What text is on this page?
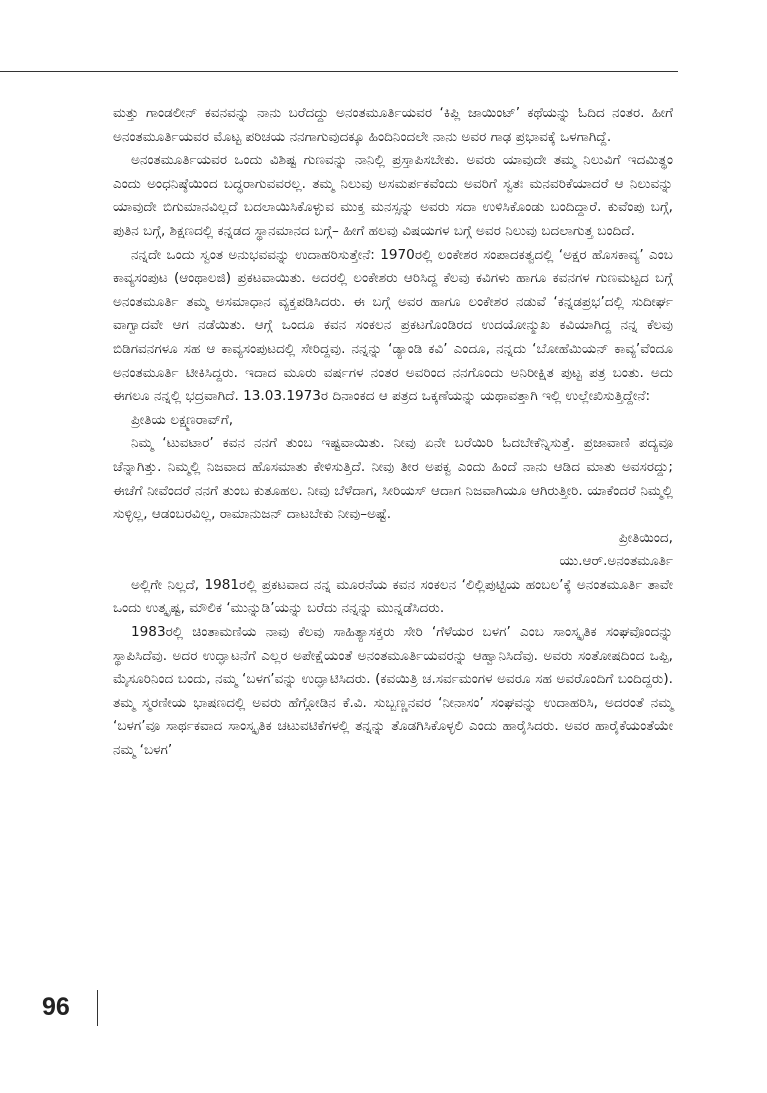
ಮತ್ತು ಗಾಂಡಲೀನ್ ಕವನವನ್ನು ನಾನು ಬರೆದದ್ದು ಅನಂತಮೂರ್ತಿಯವರ ‘ಕಿಪ್ಲಿ ಜಾಯಿಂಟ್’ ಕಥೆಯನ್ನು ಓದಿದ ನಂತರ. ಹೀಗೆ ಅನಂತಮೂರ್ತಿಯವರ ಮೊಟ್ಟ ಪರಿಚಯ ನನಗಾಗುವುದಕ್ಕೂ ಹಿಂದಿನಿಂದಲೇ ನಾನು ಅವರ ಗಾಢ ಪ್ರಭಾವಕ್ಕೆ ಒಳಗಾಗಿದ್ದೆ.

ಅನಂತಮೂರ್ತಿಯವರ ಒಂದು ವಿಶಿಷ್ಟ ಗುಣವನ್ನು ನಾನಿಲ್ಲಿ ಪ್ರಸ್ತಾಪಿಸಬೇಕು. ಅವರು ಯಾವುದೇ ತಮ್ಮ ನಿಲುವಿಗೆ ಇದಮಿತ್ಥಂ ಎಂದು ಅಂಧನಿಷ್ಠೆಯಿಂದ ಬದ್ಧರಾಗುವವರಲ್ಲ. ತಮ್ಮ ನಿಲುವು ಅಸಮರ್ಪಕವೆಂದು ಅವರಿಗೆ ಸ್ವತಃ ಮನವರಿಕೆಯಾದರೆ ಆ ನಿಲುವನ್ನು ಯಾವುದೇ ಬಿಗುಮಾನವಿಲ್ಲದೆ ಬದಲಾಯಿಸಿಕೊಳ್ಳುವ ಮುಕ್ತ ಮನಸ್ಸನ್ನು ಅವರು ಸದಾ ಉಳಿಸಿಕೊಂಡು ಬಂದಿದ್ದಾರೆ. ಕುವೆಂಪು ಬಗ್ಗೆ, ಪುತಿನ ಬಗ್ಗೆ, ಶಿಕ್ಷಣದಲ್ಲಿ ಕನ್ನಡದ ಸ್ಥಾನಮಾನದ ಬಗ್ಗೆ– ಹೀಗೆ ಹಲವು ವಿಷಯಗಳ ಬಗ್ಗೆ ಅವರ ನಿಲುವು ಬದಲಾಗುತ್ತ ಬಂದಿದೆ.

ನನ್ನದೇ ಒಂದು ಸ್ವಂತ ಅನುಭವವನ್ನು ಉದಾಹರಿಸುತ್ತೇನೆ: 1970ರಲ್ಲಿ ಲಂಕೇಶರ ಸಂಪಾದಕತ್ವದಲ್ಲಿ ‘ಅಕ್ಷರ ಹೊಸಕಾವ್ಯ’ ಎಂಬ ಕಾವ್ಯಸಂಪುಟ (ಆಂಥಾಲಜಿ) ಪ್ರಕಟವಾಯಿತು. ಅದರಲ್ಲಿ ಲಂಕೇಶರು ಆರಿಸಿದ್ದ ಕೆಲವು ಕವಿಗಳು ಹಾಗೂ ಕವನಗಳ ಗುಣಮಟ್ಟದ ಬಗ್ಗೆ ಅನಂತಮೂರ್ತಿ ತಮ್ಮ ಅಸಮಾಧಾನ ವ್ಯಕ್ತಪಡಿಸಿದರು. ಈ ಬಗ್ಗೆ ಅವರ ಹಾಗೂ ಲಂಕೇಶರ ನಡುವೆ ‘ಕನ್ನಡಪ್ರಭ’ದಲ್ಲಿ ಸುದೀರ್ಘ ವಾಗ್ವಾದವೇ ಆಗ ನಡೆಯಿತು. ಆಗ್ಗೆ ಒಂದೂ ಕವನ ಸಂಕಲನ ಪ್ರಕಟಗೊಂಡಿರದ ಉದಯೋನ್ಮುಖ ಕವಿಯಾಗಿದ್ದ ನನ್ನ ಕೆಲವು ಬಿಡಿಗವನಗಳೂ ಸಹ ಆ ಕಾವ್ಯಸಂಪುಟದಲ್ಲಿ ಸೇರಿದ್ದವು. ನನ್ನನ್ನು ‘ಡ್ಯಾಂಡಿ ಕವಿ’ ಎಂದೂ, ನನ್ನದು ‘ಬೋಹೆಮಿಯನ್ ಕಾವ್ಯ’ವೆಂದೂ ಅನಂತಮೂರ್ತಿ ಟೀಕಿಸಿದ್ದರು. ಇದಾದ ಮೂರು ವರ್ಷಗಳ ನಂತರ ಅವರಿಂದ ನನಗೊಂದು ಅನಿರೀಕ್ಷಿತ ಪುಟ್ಟ ಪತ್ರ ಬಂತು. ಅದು ಈಗಲೂ ನನ್ನಲ್ಲಿ ಭದ್ರವಾಗಿದೆ. 13.03.1973ರ ದಿನಾಂಕದ ಆ ಪತ್ರದ ಒಕ್ಕಣೆಯನ್ನು ಯಥಾವತ್ತಾಗಿ ಇಲ್ಲಿ ಉಲ್ಲೇಖಿಸುತ್ತಿದ್ದೇನೆ:

ಪ್ರೀತಿಯ ಲಕ್ಷ್ಮಣರಾವ್‌ಗೆ,

ನಿಮ್ಮ ‘ಟುವಟಾರ’ ಕವನ ನನಗೆ ತುಂಬ ಇಷ್ಟವಾಯಿತು. ನೀವು ಏನೇ ಬರೆಯಿರಿ ಓದಬೇಕೆನ್ನಿಸುತ್ತೆ. ಪ್ರಜಾವಾಣಿ ಪದ್ಯವೂ ಚೆನ್ನಾಗಿತ್ತು. ನಿಮ್ಮಲ್ಲಿ ನಿಜವಾದ ಹೊಸಮಾತು ಕೇಳಿಸುತ್ತಿದೆ. ನೀವು ತೀರ ಅಪಕ್ವ ಎಂದು ಹಿಂದೆ ನಾನು ಆಡಿದ ಮಾತು ಅವಸರದ್ದು; ಈಚೆಗೆ ನೀವೆಂದರೆ ನನಗೆ ತುಂಬ ಕುತೂಹಲ. ನೀವು ಬೆಳೆದಾಗ, ಸೀರಿಯಸ್ ಆದಾಗ ನಿಜವಾಗಿಯೂ ಆಗಿರುತ್ತೀರಿ. ಯಾಕೆಂದರೆ ನಿಮ್ಮಲ್ಲಿ ಸುಳ್ಳಿಲ್ಲ, ಆಡಂಬರವಿಲ್ಲ, ರಾಮಾನುಜನ್ ದಾಟಬೇಕು ನೀವು–ಅಷ್ಟೆ.

ಪ್ರೀತಿಯಿಂದ,

ಯು.ಆರ್.ಅನಂತಮೂರ್ತಿ

ಅಲ್ಲಿಗೇ ನಿಲ್ಲದೆ, 1981ರಲ್ಲಿ ಪ್ರಕಟವಾದ ನನ್ನ ಮೂರನೆಯ ಕವನ ಸಂಕಲನ ‘ಲಿಲ್ಲಿಪುಟ್ಟಿಯ ಹಂಬಲ’ಕ್ಕೆ ಅನಂತಮೂರ್ತಿ ತಾವೇ ಒಂದು ಉತ್ಕೃಷ್ಟ, ಮೌಲಿಕ ‘ಮುನ್ನುಡಿ’ಯನ್ನು ಬರೆದು ನನ್ನನ್ನು ಮುನ್ನಡೆಸಿದರು.

1983ರಲ್ಲಿ ಚಿಂತಾಮಣಿಯ ನಾವು ಕೆಲವು ಸಾಹಿತ್ಯಾಸಕ್ತರು ಸೇರಿ ‘ಗೆಳೆಯರ ಬಳಗ’ ಎಂಬ ಸಾಂಸ್ಕೃತಿಕ ಸಂಘವೊಂದನ್ನು ಸ್ಥಾಪಿಸಿದೆವು. ಅದರ ಉದ್ಘಾಟನೆಗೆ ಎಲ್ಲರ ಅಪೇಕ್ಷೆಯಂತೆ ಅನಂತಮೂರ್ತಿಯವರನ್ನು ಆಹ್ವಾನಿಸಿದೆವು. ಅವರು ಸಂತೋಷದಿಂದ ಒಪ್ಪಿ, ಮೈಸೂರಿನಿಂದ ಬಂದು, ನಮ್ಮ ‘ಬಳಗ’ವನ್ನು ಉದ್ಘಾಟಿಸಿದರು. (ಕವಯಿತ್ರಿ ಚ.ಸರ್ವಮಂಗಳ ಅವರೂ ಸಹ ಅವರೊಂದಿಗೆ ಬಂದಿದ್ದರು). ತಮ್ಮ ಸ್ಮರಣೀಯ ಭಾಷಣದಲ್ಲಿ ಅವರು ಹೆಗ್ಗೋಡಿನ ಕೆ.ವಿ. ಸುಬ್ಬಣ್ಣನವರ ‘ನೀನಾಸಂ’ ಸಂಘವನ್ನು ಉದಾಹರಿಸಿ, ಅದರಂತೆ ನಮ್ಮ ‘ಬಳಗ’ವೂ ಸಾರ್ಥಕವಾದ ಸಾಂಸ್ಕೃತಿಕ ಚಟುವಟಿಕೆಗಳಲ್ಲಿ ತನ್ನನ್ನು ತೊಡಗಿಸಿಕೊಳ್ಳಲಿ ಎಂದು ಹಾರೈಸಿದರು. ಅವರ ಹಾರೈಕೆಯಂತೆಯೇ ನಮ್ಮ ‘ಬಳಗ’

96
